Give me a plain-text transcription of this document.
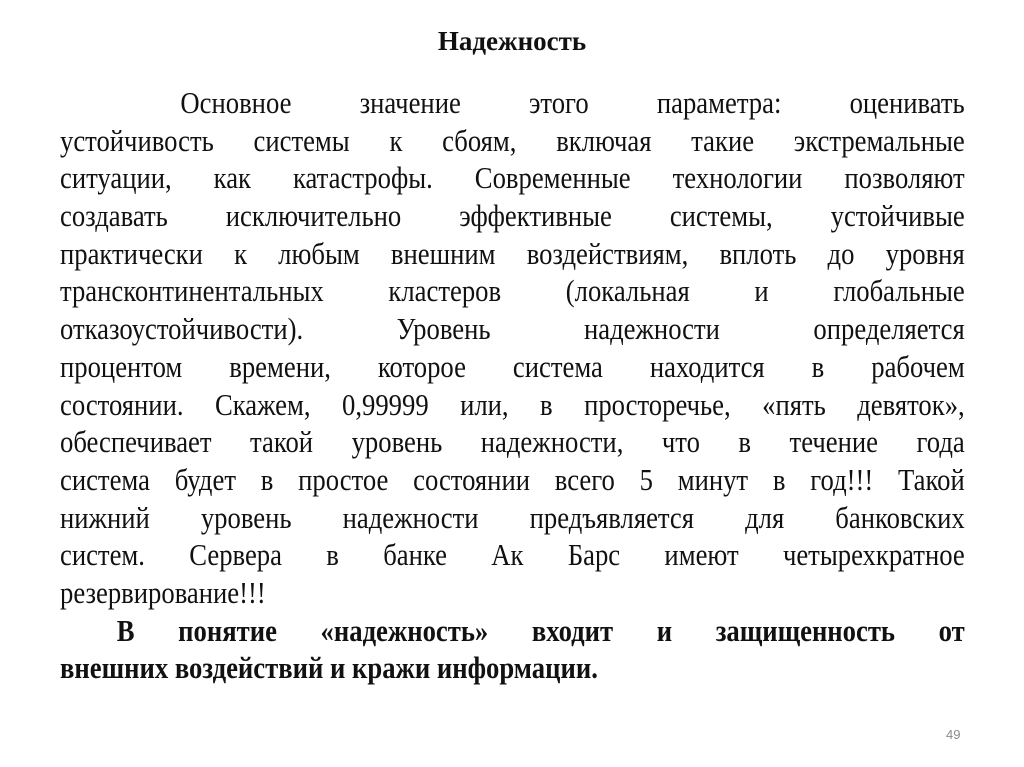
Надежность
Основное значение этого параметра: оценивать
устойчивость системы к сбоям, включая такие экстремальные
ситуации, как катастрофы. Современные технологии позволяют
создавать исключительно эффективные системы, устойчивые
практически к любым внешним воздействиям, вплоть до уровня
трансконтинентальных кластеров (локальная и глобальные
отказоустойчивости). Уровень надежности определяется
процентом времени, которое система находится в рабочем
состоянии. Скажем, 0,99999 или, в просторечье, «пять девяток»,
обеспечивает такой уровень надежности, что в течение года
система будет в простое состоянии всего 5 минут в год!!! Такой
нижний уровень надежности предъявляется для банковских
систем. Сервера в банке Ак Барс имеют четырехкратное
резервирование!!!
В понятие «надежность» входит и защищенность от
внешних воздействий и кражи информации.
49
